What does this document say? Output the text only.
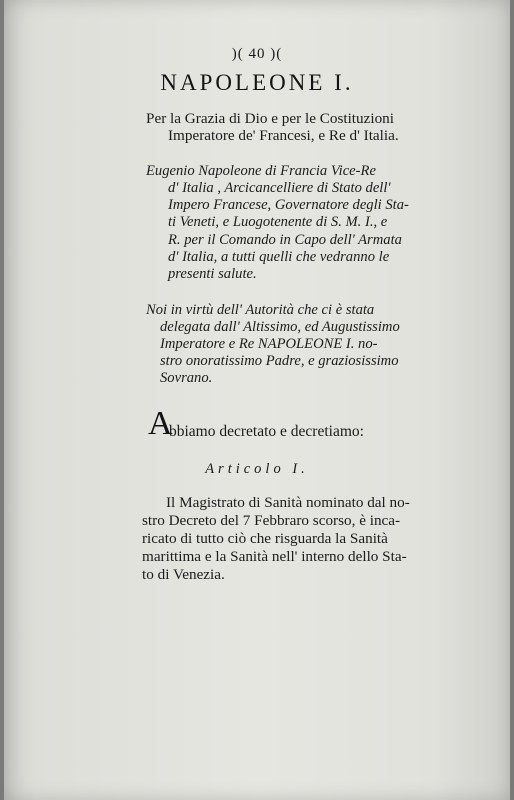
)( 40 )(
NAPOLEONE I.
Per la Grazia di Dio e per le Costituzioni
Imperatore de' Francesi, e Re d' Italia.
Eugenio Napoleone di Francia Vice-Re
d' Italia , Arcicancelliere di Stato dell'
Impero Francese, Governatore degli Sta-
ti Veneti, e Luogotenente di S. M. I., e
R. per il Comando in Capo dell' Armata
d' Italia, a tutti quelli che vedranno le
presenti salute.
Noi in virtù dell' Autorità che ci è stata
delegata dall' Altissimo, ed Augustissimo
Imperatore e Re NAPOLEONE I. no-
stro onoratissimo Padre, e graziosissimo
Sovrano.
A
bbiamo decretato e decretiamo:
Articolo I.
Il Magistrato di Sanità nominato dal no-
stro Decreto del 7 Febbraro scorso, è inca-
ricato di tutto ciò che risguarda la Sanità
marittima e la Sanità nell' interno dello Sta-
to di Venezia.
